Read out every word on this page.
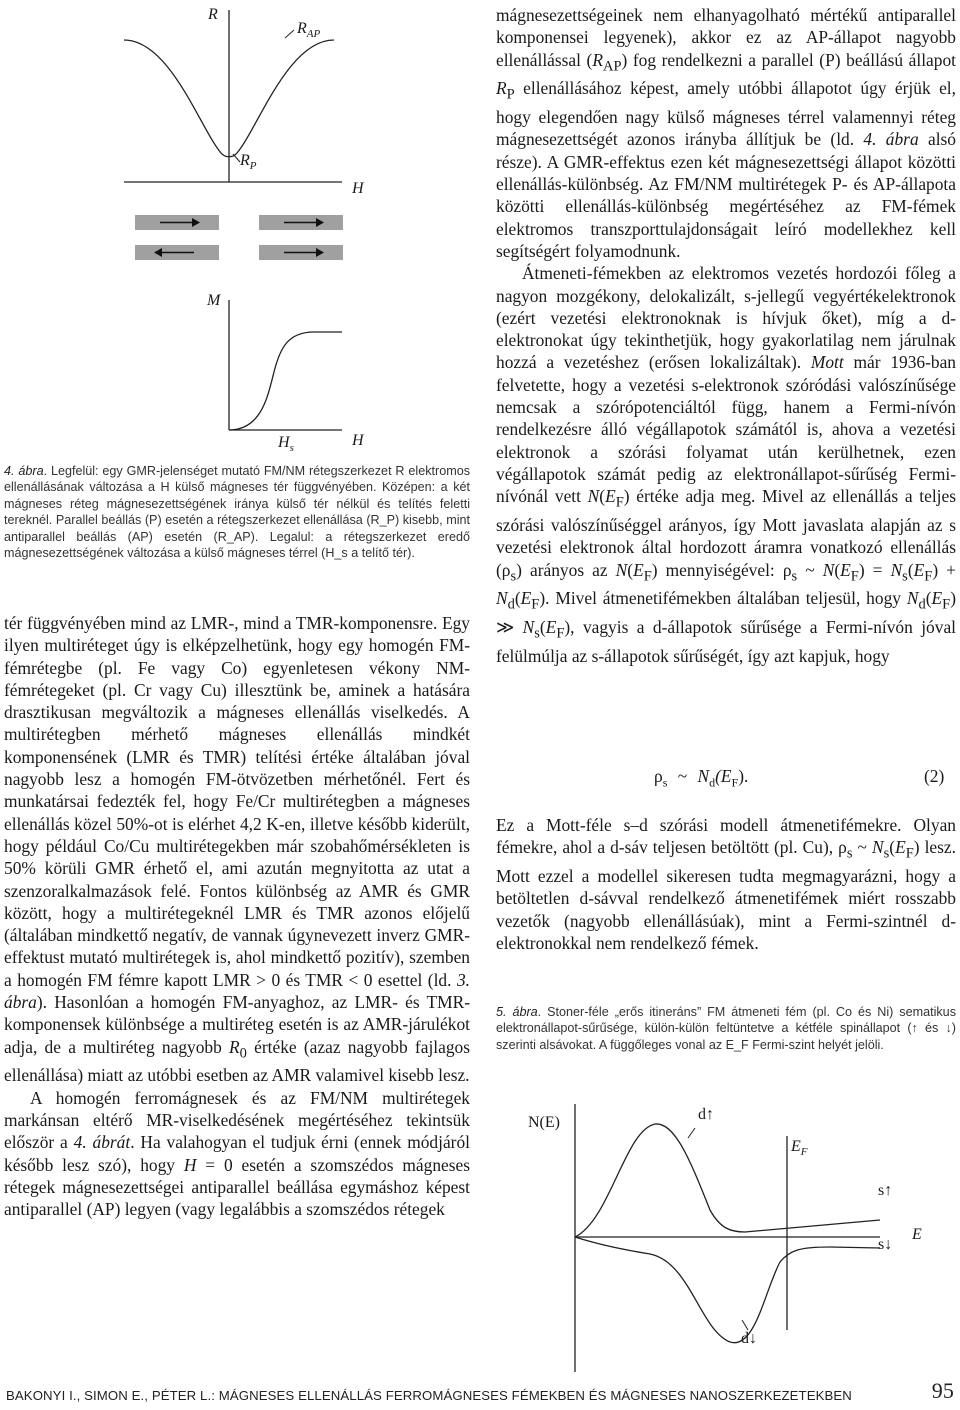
R
$R_{AP}$
$R_P$
H
M
$H_s$	H
4. ábra. Legfelül: egy GMR-jelenséget mutató FM/NM rétegszerkezet R elektromos ellenállásának változása a H külső mágneses tér függvényében. Középen: a két mágneses réteg mágnesezettségének iránya külső tér nélkül és telítés feletti tereknél. Parallel beállás (P) esetén a rétegszerkezet ellenállása (R_P) kisebb, mint antiparallel beállás (AP) esetén (R_AP). Legalul: a rétegszerkezet eredő mágnesezettségének változása a külső mágneses térrel (H_s a telítő tér).

tér függvényében mind az LMR-, mind a TMR-komponensre. Egy ilyen multiréteget úgy is elképzelhetünk, hogy egy homogén FM-fémrétegbe (pl. Fe vagy Co) egyenletesen vékony NM-fémrétegeket (pl. Cr vagy Cu) illesztünk be, aminek a hatására drasztikusan megváltozik a mágneses ellenállás viselkedés. A multirétegben mérhető mágneses ellenállás mindkét komponensének (LMR és TMR) telítési értéke általában jóval nagyobb lesz a homogén FM-ötvözetben mérhetőnél. Fert és munkatársai fedezték fel, hogy Fe/Cr multirétegben a mágneses ellenállás közel 50%-ot is elérhet 4,2 K-en, illetve később kiderült, hogy például Co/Cu multirétegekben már szobahőmérsékleten is 50% körüli GMR érhető el, ami azután megnyitotta az utat a szenzoralkalmazások felé. Fontos különbség az AMR és GMR között, hogy a multirétegeknél LMR és TMR azonos előjelű (általában mindkettő negatív, de vannak úgynevezett inverz GMR-effektust mutató multirétegek is, ahol mindkettő pozitív), szemben a homogén FM fémre kapott LMR > 0 és TMR < 0 esettel (ld. 3. ábra). Hasonlóan a homogén FM-anyaghoz, az LMR- és TMR-komponensek különbsége a multiréteg esetén is az AMR-járulékot adja, de a multiréteg nagyobb $R_0$ értéke (azaz nagyobb fajlagos ellenállása) miatt az utóbbi esetben az AMR valamivel kisebb lesz.

A homogén ferromágnesek és az FM/NM multirétegek markánsan eltérő MR-viselkedésének megértéséhez tekintsük először a 4. ábrát. Ha valahogyan el tudjuk érni (ennek módjáról később lesz szó), hogy H = 0 esetén a szomszédos mágneses rétegek mágnesezettségei antiparallel beállása egymáshoz képest antiparallel (AP) legyen (vagy legalábbis a szomszédos rétegek

mágnesezettségeinek nem elhanyagolható mértékű antiparallel komponensei legyenek), akkor ez az AP-állapot nagyobb ellenállással $(R_{AP})$ fog rendelkezni a parallel (P) beállású állapot $R_P$ ellenállásához képest, amely utóbbi állapotot úgy érjük el, hogy elegendően nagy külső mágneses térrel valamennyi réteg mágnesezettségét azonos irányba állítjuk be (ld. 4. ábra alsó része). A GMR-effektus ezen két mágnesezettségi állapot közötti ellenállás-különbség. Az FM/NM multirétegek P- és AP-állapota közötti ellenállás-különbség megértéséhez az FM-fémek elektromos transzporttulajdonságait leíró modellekhez kell segítségért folyamodnunk.

Átmeneti-fémekben az elektromos vezetés hordozói főleg a nagyon mozgékony, delokalizált, s-jellegű vegyértékelektronok (ezért vezetési elektronoknak is hívjuk őket), míg a d-elektronokat úgy tekinthetjük, hogy gyakorlatilag nem járulnak hozzá a vezetéshez (erősen lokalizáltak). Mott már 1936-ban felvetette, hogy a vezetési s-elektronok szóródási valószínűsége nemcsak a szórópotenciáltól függ, hanem a Fermi-nívón rendelkezésre álló végállapotok számától is, ahova a vezetési elektronok a szórási folyamat után kerülhetnek, ezen végállapotok számát pedig az elektronállapot-sűrűség Fermi-nívónál vett $N(E_F)$ értéke adja meg. Mivel az ellenállás a teljes szórási valószínűséggel arányos, így Mott javaslata alapján az s vezetési elektronok által hordozott áramra vonatkozó ellenállás $(\rho_s)$ arányos az $N(E_F)$ mennyiségével: $\rho_s$ ~ $N(E_F) = N_s(E_F) + N_d(E_F)$. Mivel átmenetifémekben általában teljesül, hogy $N_d(E_F)$ ≫ $N_s(E_F)$, vagyis a d-állapotok sűrűsége a Fermi-nívón jóval felülmúlja az s-állapotok sűrűségét, így azt kapjuk, hogy

$\rho_s$ ~ $N_d(E_F)$.	(2)

Ez a Mott-féle s–d szórási modell átmenetifémekre. Olyan fémekre, ahol a d-sáv teljesen betöltött (pl. Cu), $\rho_s$ ~ $N_s(E_F)$ lesz. Mott ezzel a modellel sikeresen tudta megmagyarázni, hogy a betöltetlen d-sávval rendelkező átmenetifémek miért rosszabb vezetők (nagyobb ellenállásúak), mint a Fermi-szintnél d-elektronokkal nem rendelkező fémek.

5. ábra. Stoner-féle „erős itineráns” FM átmeneti fém (pl. Co és Ni) sematikus elektronállapot-sűrűsége, külön-külön feltüntetve a kétféle spinállapot (↑ és ↓) szerinti alsávokat. A függőleges vonal az E_F Fermi-szint helyét jelöli.
N(E)	d↑
$E_F$
s↑
s↓
E
d↓
BAKONYI I., SIMON E., PÉTER L.: MÁGNESES ELLENÁLLÁS FERROMÁGNESES FÉMEKBEN ÉS MÁGNESES NANOSZERKEZETEKBEN	95
